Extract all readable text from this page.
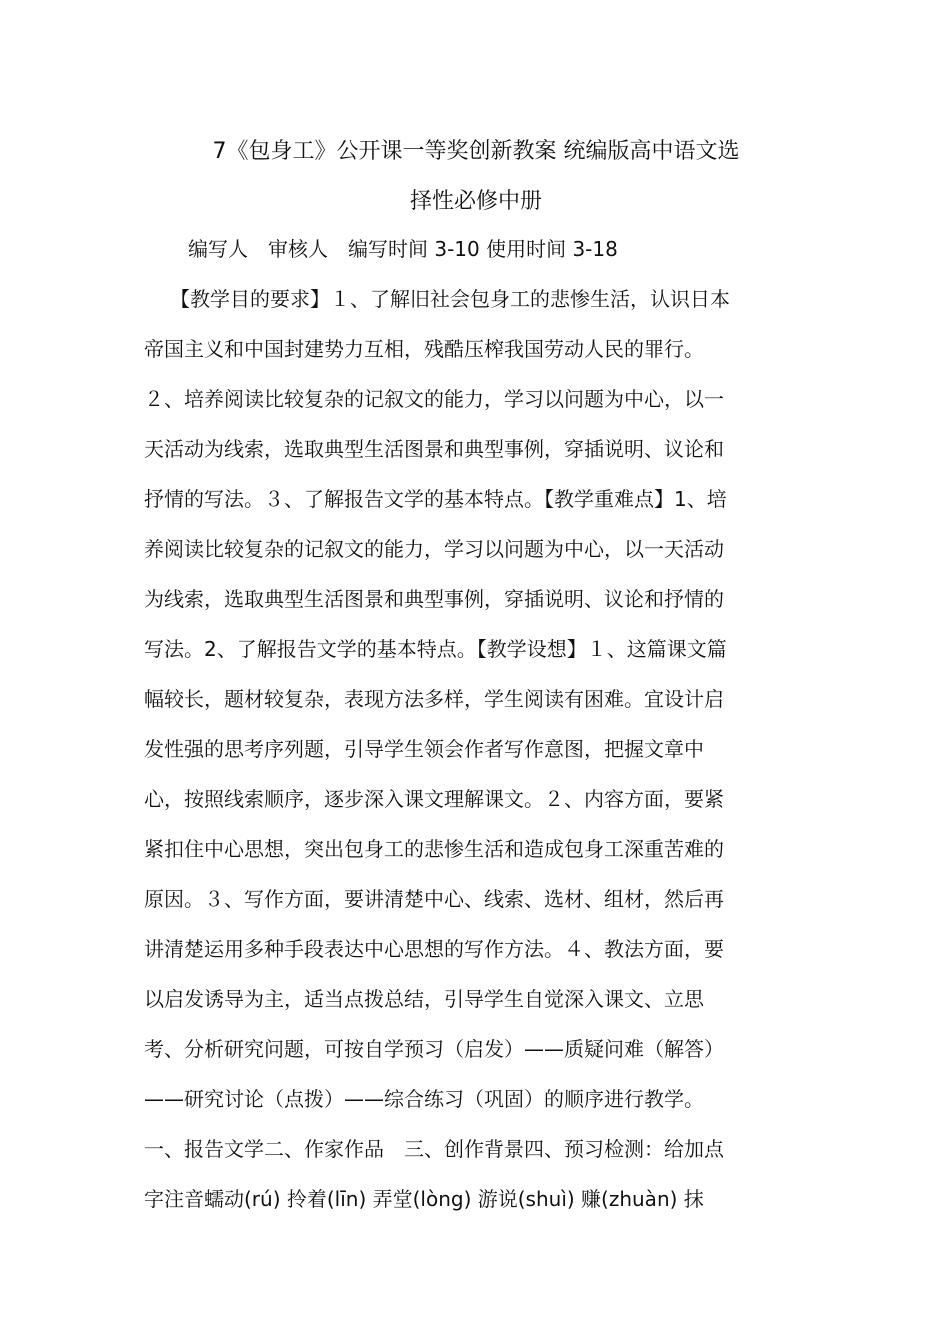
7《包身工》公开课一等奖创新教案 统编版高中语文选
择性必修中册
编写人　审核人　编写时间 3-10 使用时间 3-18
【教学目的要求】１、了解旧社会包身工的悲惨生活，认识日本
帝国主义和中国封建势力互相，残酷压榨我国劳动人民的罪行。
２、培养阅读比较复杂的记叙文的能力，学习以问题为中心，以一
天活动为线索，选取典型生活图景和典型事例，穿插说明、议论和
抒情的写法。３、了解报告文学的基本特点。【教学重难点】1、培
养阅读比较复杂的记叙文的能力，学习以问题为中心，以一天活动
为线索，选取典型生活图景和典型事例，穿插说明、议论和抒情的
写法。2、了解报告文学的基本特点。【教学设想】１、这篇课文篇
幅较长，题材较复杂，表现方法多样，学生阅读有困难。宜设计启
发性强的思考序列题，引导学生领会作者写作意图，把握文章中
心，按照线索顺序，逐步深入课文理解课文。２、内容方面，要紧
紧扣住中心思想，突出包身工的悲惨生活和造成包身工深重苦难的
原因。３、写作方面，要讲清楚中心、线索、选材、组材，然后再
讲清楚运用多种手段表达中心思想的写作方法。４、教法方面，要
以启发诱导为主，适当点拨总结，引导学生自觉深入课文、立思
考、分析研究问题，可按自学预习（启发）——质疑问难（解答）
——研究讨论（点拨）——综合练习（巩固）的顺序进行教学。
一、报告文学二、作家作品　三、创作背景四、预习检测：给加点
字注音蠕动(rú) 拎着(līn) 弄堂(lòng) 游说(shuì) 赚(zhuàn) 抹
